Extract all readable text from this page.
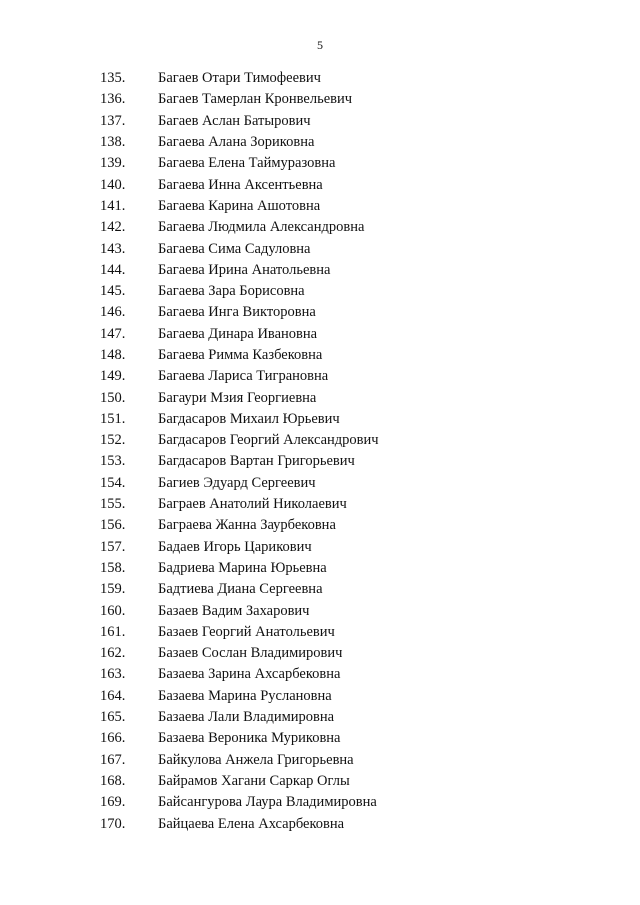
5
135.	Багаев Отари Тимофеевич
136.	Багаев Тамерлан Кронвельевич
137.	Багаев Аслан Батырович
138.	Багаева Алана Зориковна
139.	Багаева Елена Таймуразовна
140.	Багаева Инна Аксентьевна
141.	Багаева Карина Ашотовна
142.	Багаева Людмила Александровна
143.	Багаева Сима Садуловна
144.	Багаева Ирина Анатольевна
145.	Багаева Зара Борисовна
146.	Багаева Инга Викторовна
147.	Багаева Динара Ивановна
148.	Багаева Римма Казбековна
149.	Багаева Лариса Тиграновна
150.	Багаури Мзия Георгиевна
151.	Багдасаров Михаил Юрьевич
152.	Багдасаров Георгий Александрович
153.	Багдасаров Вартан Григорьевич
154.	Багиев Эдуард Сергеевич
155.	Баграев Анатолий Николаевич
156.	Баграева Жанна Заурбековна
157.	Бадаев Игорь Царикович
158.	Бадриева Марина Юрьевна
159.	Бадтиева Диана Сергеевна
160.	Базаев Вадим Захарович
161.	Базаев Георгий Анатольевич
162.	Базаев Сослан Владимирович
163.	Базаева Зарина Ахсарбековна
164.	Базаева Марина Руслановна
165.	Базаева Лали Владимировна
166.	Базаева Вероника Муриковна
167.	Байкулова Анжела Григорьевна
168.	Байрамов Хагани Саркар Оглы
169.	Байсангурова Лаура Владимировна
170.	Байцаева Елена Ахсарбековна
